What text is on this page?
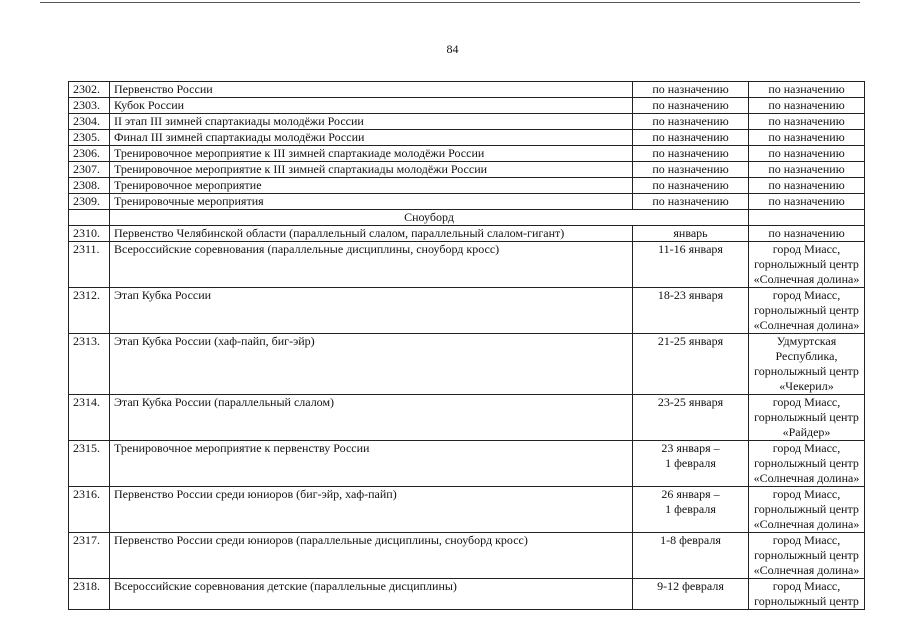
84
2302.	Первенство России	по назначению	по назначению
2303.	Кубок России	по назначению	по назначению
2304.	II этап III зимней спартакиады молодёжи России	по назначению	по назначению
2305.	Финал III зимней спартакиады молодёжи России	по назначению	по назначению
2306.	Тренировочное мероприятие к III зимней спартакиаде молодёжи России	по назначению	по назначению
2307.	Тренировочное мероприятие к III зимней спартакиады молодёжи России	по назначению	по назначению
2308.	Тренировочное мероприятие	по назначению	по назначению
2309.	Тренировочные мероприятия	по назначению	по назначению
	Сноуборд		
2310.	Первенство Челябинской области (параллельный слалом, параллельный слалом-гигант)	январь	по назначению
2311.	Всероссийские соревнования (параллельные дисциплины, сноуборд кросс)	11-16 января	город Миасс,
горнолыжный центр
«Солнечная долина»
2312.	Этап Кубка России	18-23 января	город Миасс,
горнолыжный центр
«Солнечная долина»
2313.	Этап Кубка России (хаф-пайп, биг-эйр)	21-25 января	Удмуртская
Республика,
горнолыжный центр
«Чекерил»
2314.	Этап Кубка России (параллельный слалом)	23-25 января	город Миасс,
горнолыжный центр
«Райдер»
2315.	Тренировочное мероприятие к первенству России	23 января –
1 февраля	город Миасс,
горнолыжный центр
«Солнечная долина»
2316.	Первенство России среди юниоров (биг-эйр, хаф-пайп)	26 января –
1 февраля	город Миасс,
горнолыжный центр
«Солнечная долина»
2317.	Первенство России среди юниоров (параллельные дисциплины, сноуборд кросс)	1-8 февраля	город Миасс,
горнолыжный центр
«Солнечная долина»
2318.	Всероссийские соревнования детские (параллельные дисциплины)	9-12 февраля	город Миасс,
горнолыжный центр
